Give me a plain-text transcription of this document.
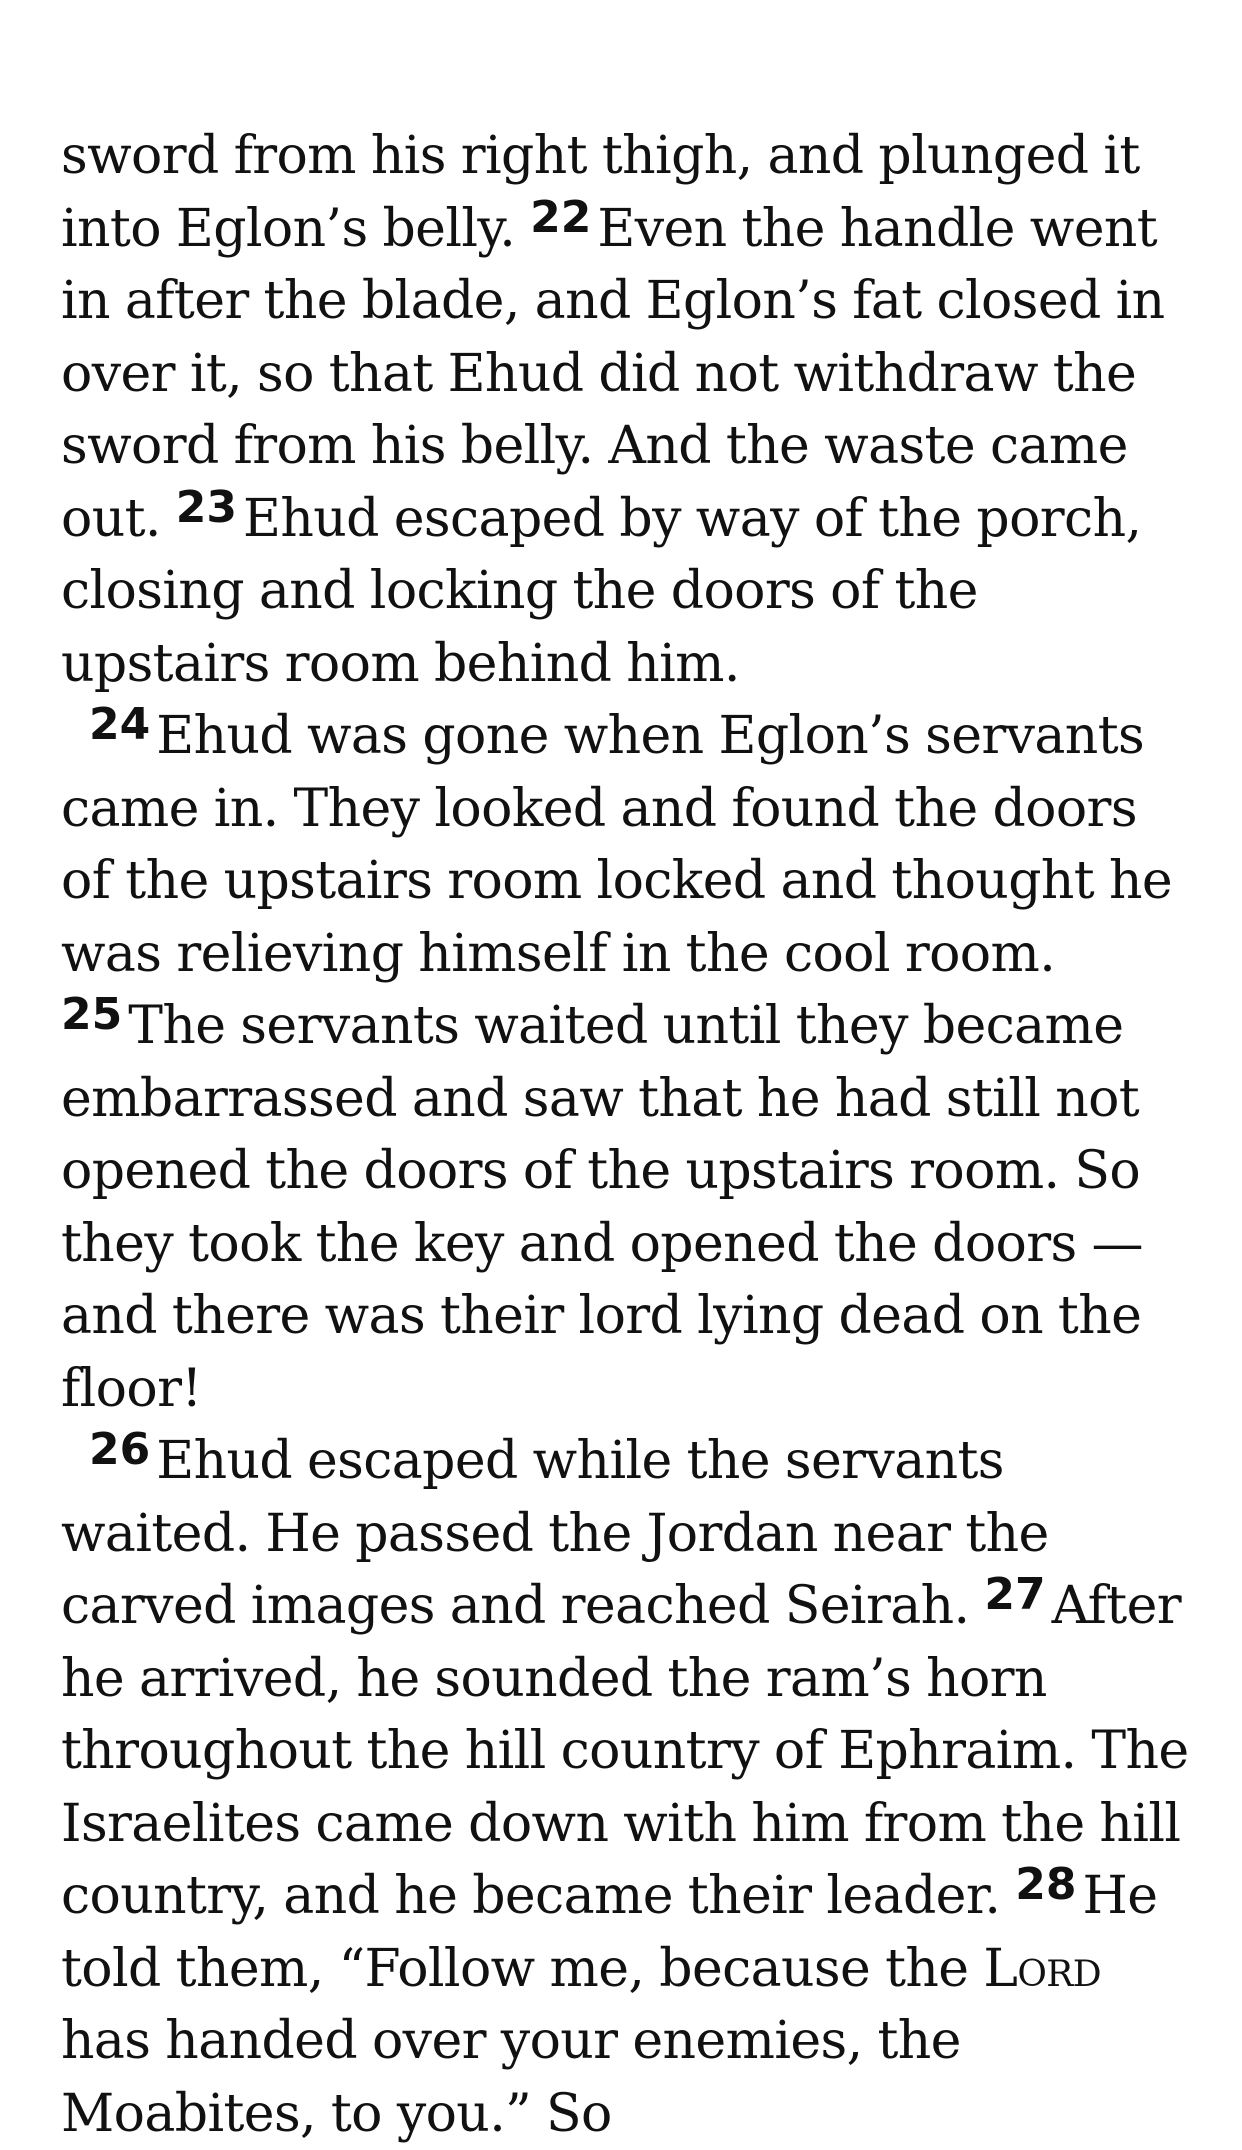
sword from his right thigh, and plunged it into Eglon’s belly. $^{22}$ Even the handle went in after the blade, and Eglon’s fat closed in over it, so that Ehud did not withdraw the sword from his belly. And the waste came out. $^{23}$ Ehud escaped by way of the porch, closing and locking the doors of the upstairs room behind him.

$^{24}$ Ehud was gone when Eglon’s servants came in. They looked and found the doors of the upstairs room locked and thought he was relieving himself in the cool room. $^{25}$ The servants waited until they became embarrassed and saw that he had still not opened the doors of the upstairs room. So they took the key and opened the doors — and there was their lord lying dead on the floor!

$^{26}$ Ehud escaped while the servants waited. He passed the Jordan near the carved images and reached Seirah. $^{27}$ After he arrived, he sounded the ram’s horn throughout the hill country of Ephraim. The Israelites came down with him from the hill country, and he became their leader. $^{28}$ He told them, “Follow me, because the Lord has handed over your enemies, the Moabites, to you.” So
